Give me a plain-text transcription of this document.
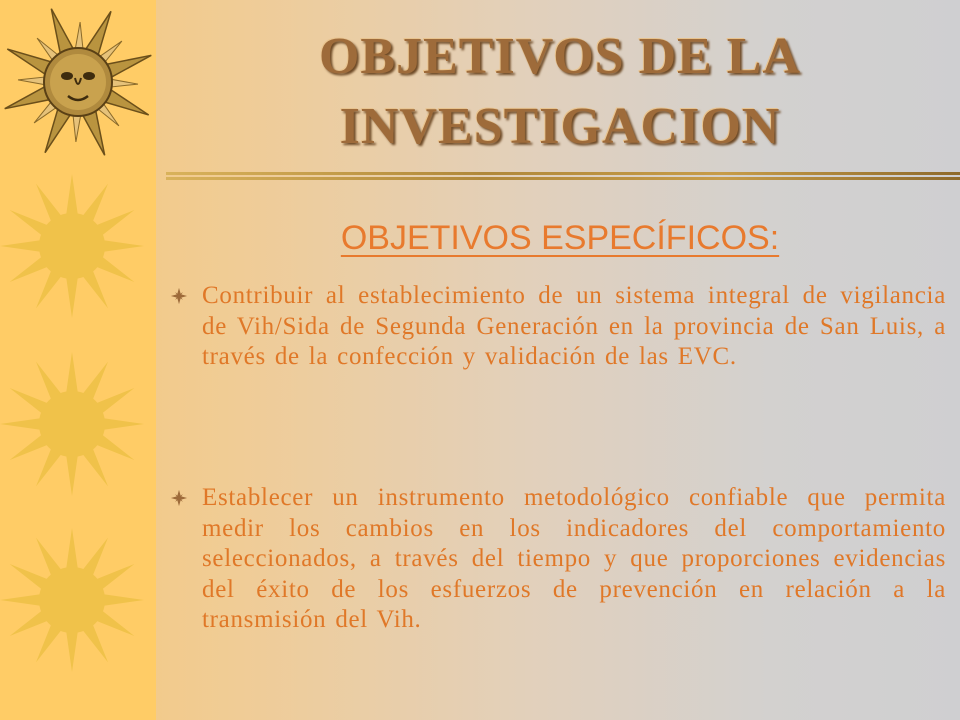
OBJETIVOS DE LA INVESTIGACION
OBJETIVOS ESPECÍFICOS:

Contribuir al establecimiento de un sistema integral de vigilancia de Vih/Sida de Segunda Generación en la provincia de San Luis, a través de la confección y validación de las EVC.

Establecer un instrumento metodológico confiable que permita medir los cambios en los indicadores del comportamiento seleccionados, a través del tiempo y que proporciones evidencias del éxito de los esfuerzos de prevención en relación a la transmisión del Vih.
